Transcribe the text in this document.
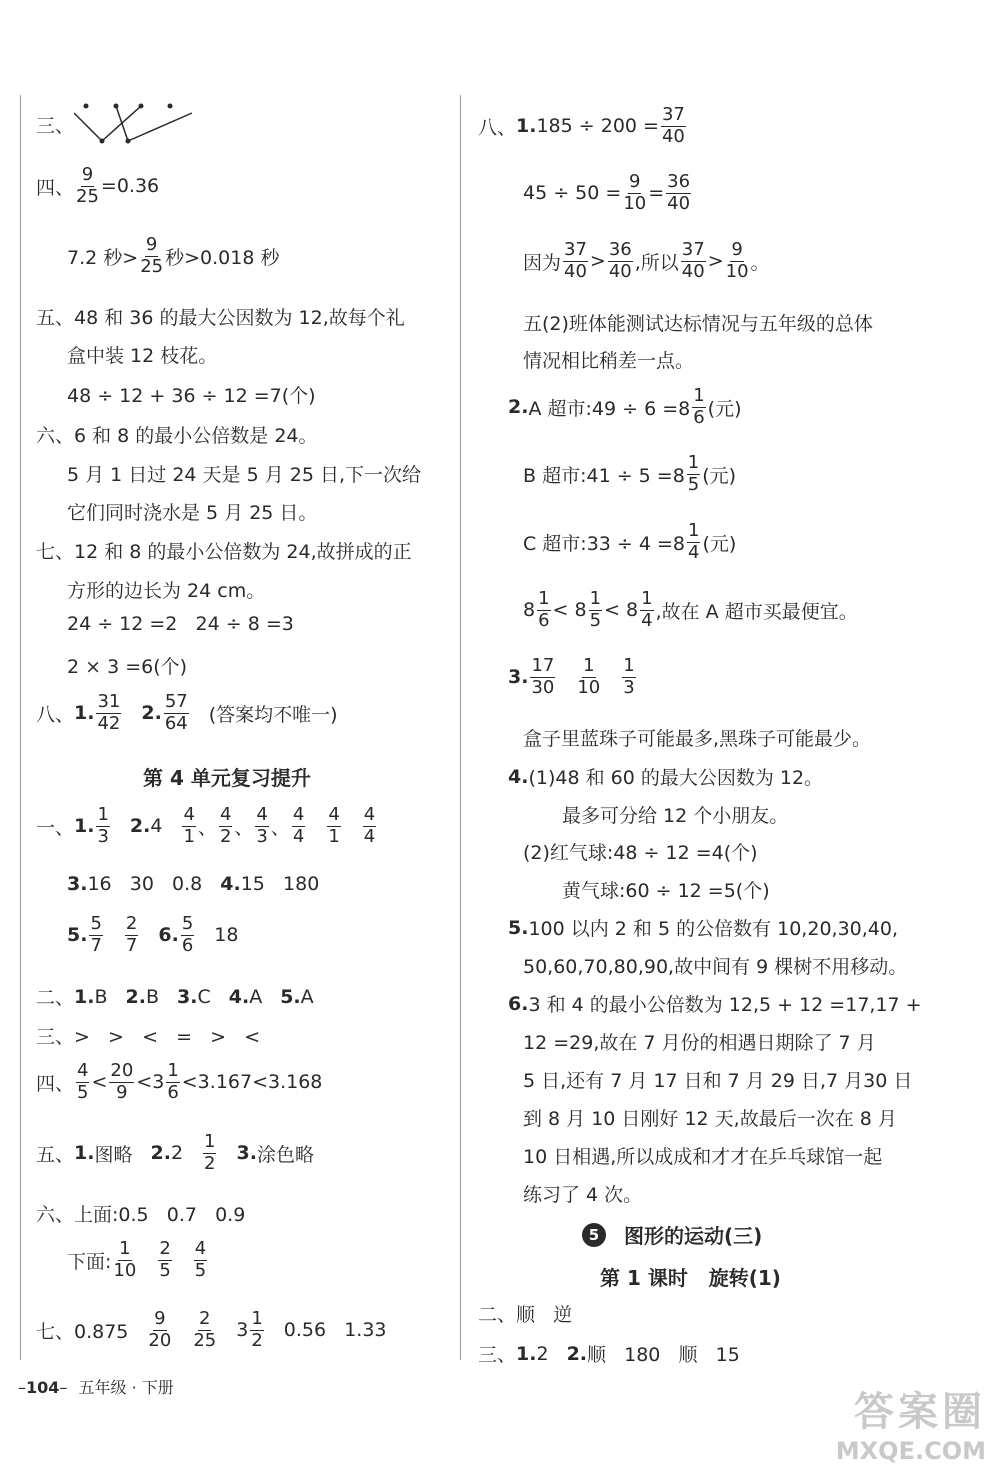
三、
四、 $\frac{9}{25} =0.36$
7.2 秒> $\frac{9}{25}$ 秒>0.018 秒
五、48 和 36 的最大公因数为 12,故每个礼
盒中装 12 枝花。
48 ÷ 12 + 36 ÷ 12 =7(个)
六、6 和 8 的最小公倍数是 24。
5 月 1 日过 24 天是 5 月 25 日,下一次给
它们同时浇水是 5 月 25 日。
七、12 和 8 的最小公倍数为 24,故拼成的正
方形的边长为 24 cm。
24 ÷ 12 =2   24 ÷ 8 =3
2 × 3 =6(个)
八、 1. $\frac{31}{42} 2$. $\frac{57}{64}$ (答案均不唯一)
第 4 单元复习提升
一、 1. $\frac{1}{3} 2$. $4 \frac{4}{1}$ 、 $\frac{4}{2}$ 、 $\frac{4}{3}$ 、 $\frac{4}{4} \frac{4}{1} \frac{4}{4}$
3. 16   30   0.8 4. 15   180
5. $\frac{5}{7} \frac{2}{7} 6$. $\frac{5}{6} 18$
二、 1. B 2. B 3. C 4. A 5. A
三、>   >   <   =   >   <
四、 $\frac{4}{5} < \frac{20}{9} <3 \frac{1}{6} <3.167<3.168$
五、 1. 图略 2. $2 \frac{1}{2} 3$. 涂色略
六、上面:0.5   0.7   0.9
下面: $\frac{1}{10} \frac{2}{5} \frac{4}{5}$
七、$0.875 \frac{9}{20} \frac{2}{25} 3 \frac{1}{2} 0.56$   1.33
八、 1. $185 \div 200 = \frac{37}{40}$
$45 \div 50 = \frac{9}{10} = \frac{36}{40}$
因为 $\frac{37}{40} > \frac{36}{40}$ ,所以 $\frac{37}{40} > \frac{9}{10}$ 。
五(2)班体能测试达标情况与五年级的总体
情况相比稍差一点。
2. A 超市:49 ÷ $6 =8 \frac{1}{6}$ (元)
B 超市:41 ÷ $5 =8 \frac{1}{5}$ (元)
C 超市:33 ÷ $4 =8 \frac{1}{4}$ (元)
$8 \frac{1}{6} < 8 \frac{1}{5} < 8 \frac{1}{4}$ ,故在 A 超市买最便宜。
3. $\frac{17}{30} \frac{1}{10} \frac{1}{3}$
盒子里蓝珠子可能最多,黑珠子可能最少。
4. (1)48 和 60 的最大公因数为 12。
最多可分给 12 个小朋友。
(2)红气球:48 ÷ 12 =4(个)
黄气球:60 ÷ 12 =5(个)
5. 100 以内 2 和 5 的公倍数有 10,20,30,40,
50,60,70,80,90,故中间有 9 棵树不用移动。
6. 3 和 4 的最小公倍数为 12,5 + 12 =17,17 +
12 =29,故在 7 月份的相遇日期除了 7 月
5 日,还有 7 月 17 日和 7 月 29 日,7 月30 日
到 8 月 10 日刚好 12 天,故最后一次在 8 月
10 日相遇,所以成成和才才在乒乓球馆一起
练习了 4 次。
5	图形的运动(三)
第 1 课时   旋转(1)
二、顺   逆
三、 1. 2 2. 顺   180   顺   15
–104– 五年级 · 下册
答案圈
MXQE.COM
